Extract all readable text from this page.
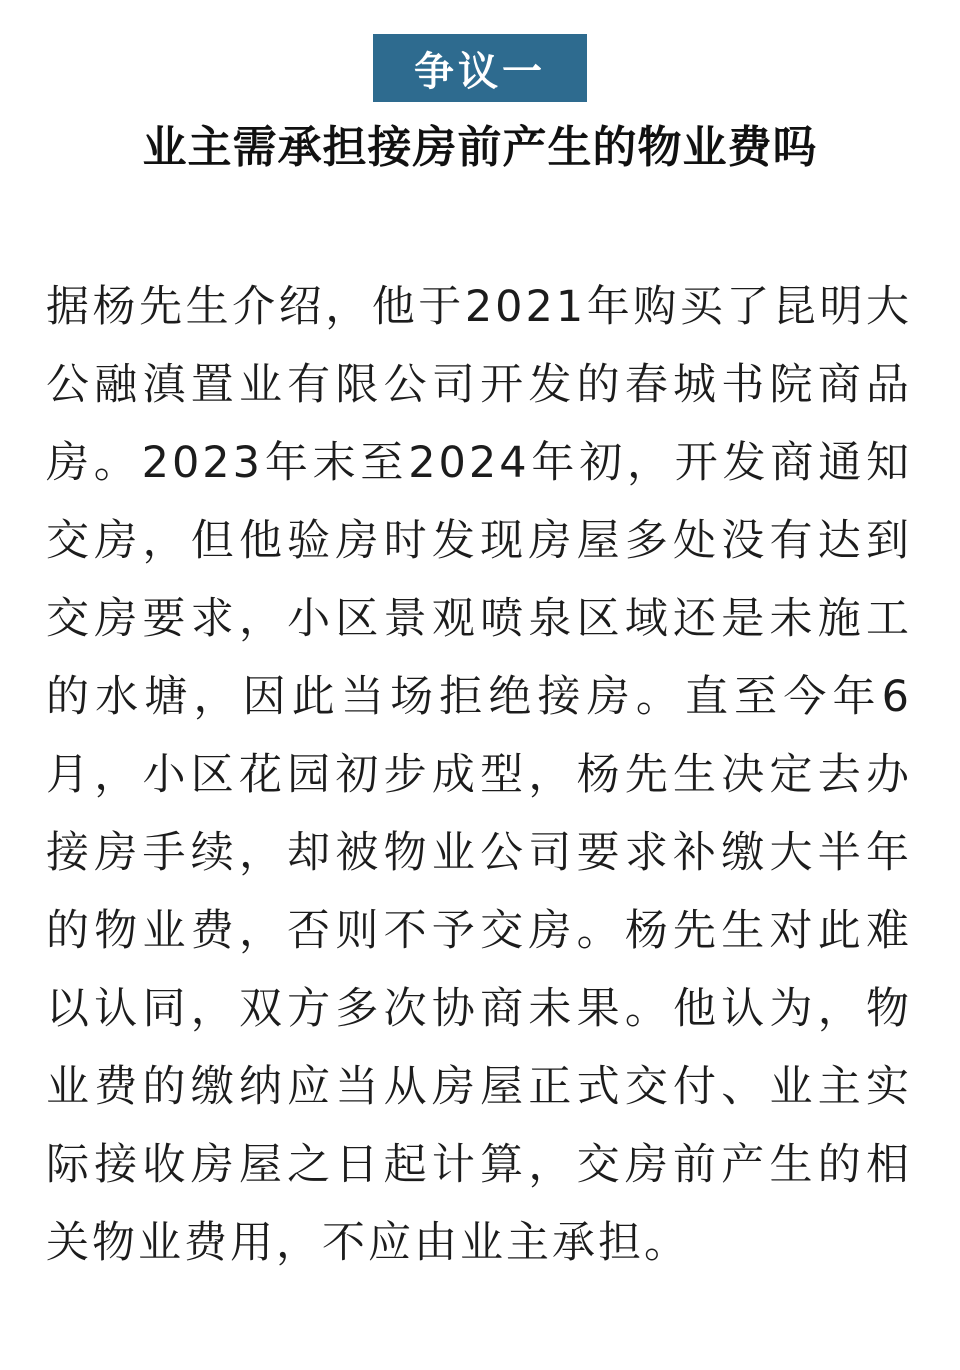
争议一
业主需承担接房前产生的物业费吗

据杨先生介绍，他于2021年购买了昆明大公融滇置业有限公司开发的春城书院商品房。2023年末至2024年初，开发商通知交房，但他验房时发现房屋多处没有达到交房要求，小区景观喷泉区域还是未施工的水塘，因此当场拒绝接房。直至今年6月，小区花园初步成型，杨先生决定去办接房手续，却被物业公司要求补缴大半年的物业费，否则不予交房。杨先生对此难以认同，双方多次协商未果。他认为，物业费的缴纳应当从房屋正式交付、业主实际接收房屋之日起计算，交房前产生的相关物业费用，不应由业主承担。
